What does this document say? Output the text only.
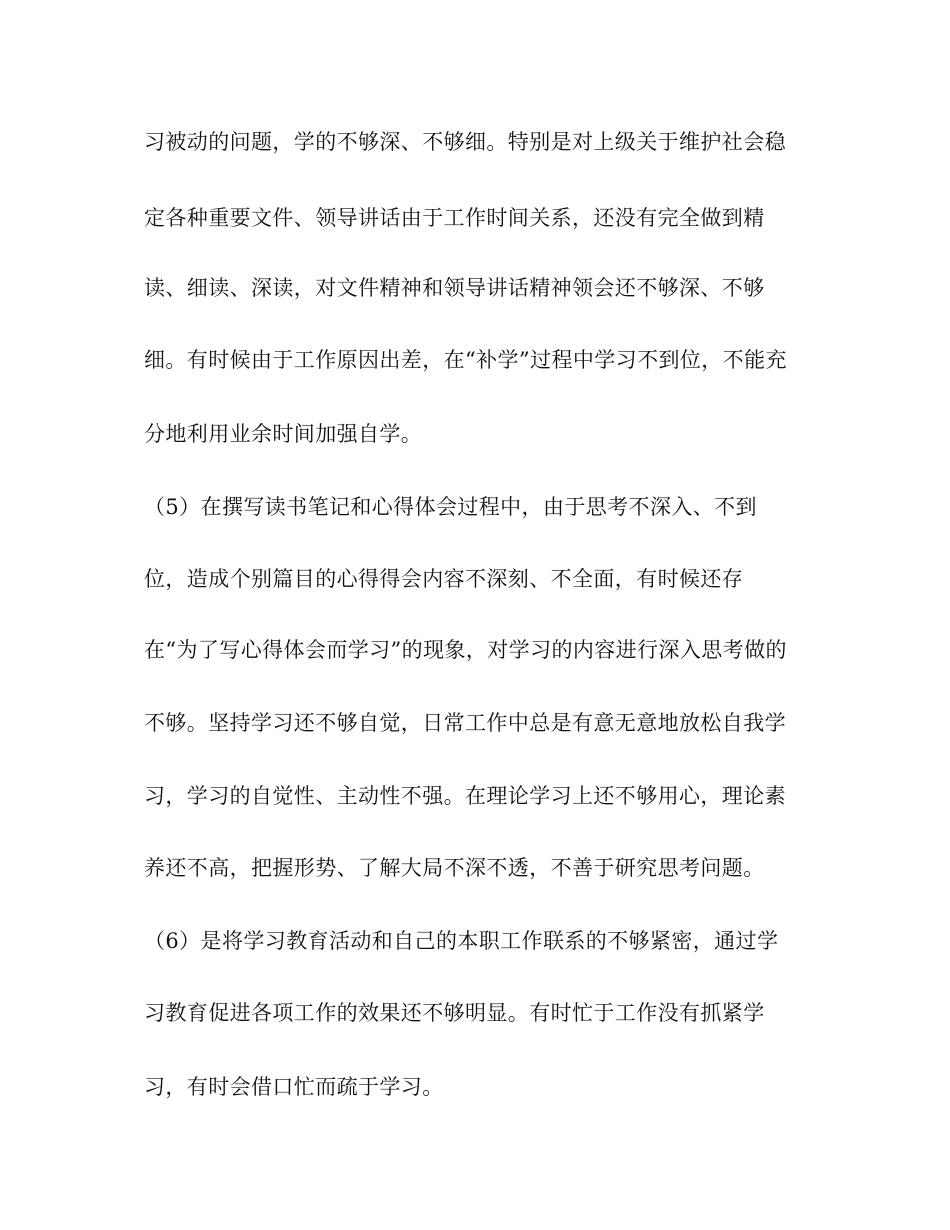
习被动的问题，学的不够深、不够细。特别是对上级关于维护社会稳
定各种重要文件、领导讲话由于工作时间关系，还没有完全做到精
读、细读、深读，对文件精神和领导讲话精神领会还不够深、不够
细。有时候由于工作原因出差，在“补学”过程中学习不到位，不能充
分地利用业余时间加强自学。
（5）在撰写读书笔记和心得体会过程中，由于思考不深入、不到
位，造成个别篇目的心得得会内容不深刻、不全面，有时候还存
在“为了写心得体会而学习”的现象，对学习的内容进行深入思考做的
不够。坚持学习还不够自觉，日常工作中总是有意无意地放松自我学
习，学习的自觉性、主动性不强。在理论学习上还不够用心，理论素
养还不高，把握形势、了解大局不深不透，不善于研究思考问题。
（6）是将学习教育活动和自己的本职工作联系的不够紧密，通过学
习教育促进各项工作的效果还不够明显。有时忙于工作没有抓紧学
习，有时会借口忙而疏于学习。
